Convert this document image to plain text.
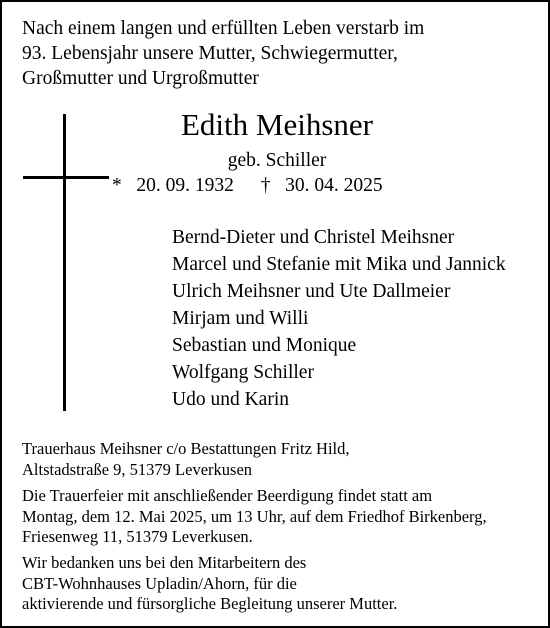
Nach einem langen und erfüllten Leben verstarb im
93. Lebensjahr unsere Mutter, Schwiegermutter,
Großmutter und Urgroßmutter
Edith Meihsner
geb. Schiller
* 20. 09. 1932 † 30. 04. 2025
Bernd-Dieter und Christel Meihsner
Marcel und Stefanie mit Mika und Jannick
Ulrich Meihsner und Ute Dallmeier
Mirjam und Willi
Sebastian und Monique
Wolfgang Schiller
Udo und Karin
Trauerhaus Meihsner c/o Bestattungen Fritz Hild,
Altstadstraße 9, 51379 Leverkusen
Die Trauerfeier mit anschließender Beerdigung findet statt am
Montag, dem 12. Mai 2025, um 13 Uhr, auf dem Friedhof Birkenberg,
Friesenweg 11, 51379 Leverkusen.
Wir bedanken uns bei den Mitarbeitern des
CBT-Wohnhauses Upladin/Ahorn, für die
aktivierende und fürsorgliche Begleitung unserer Mutter.
